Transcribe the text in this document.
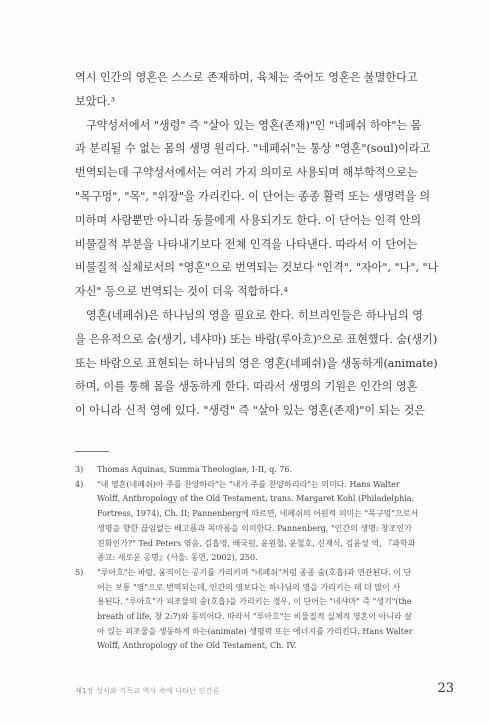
역시 인간의 영혼은 스스로 존재하며, 육체는 죽어도 영혼은 불멸한다고
보았다.³

구약성서에서 "생령" 즉 "살아 있는 영혼(존재)"인 "네페쉬 하야"는 몸
과 분리될 수 없는 몸의 생명 원리다. "네페쉬"는 통상 "영혼"(soul)이라고
번역되는데 구약성서에서는 여러 가지 의미로 사용되며 해부학적으로는
"목구멍", "목", "위장"을 가리킨다. 이 단어는 종종 활력 또는 생명력을 의
미하며 사람뿐만 아니라 동물에게 사용되기도 한다. 이 단어는 인격 안의
비물질적 부분을 나타내기보다 전체 인격을 나타낸다. 따라서 이 단어는
비물질적 실체로서의 "영혼"으로 번역되는 것보다 "인격", "자아", "나", "나
자신" 등으로 번역되는 것이 더욱 적합하다.⁴

영혼(네페쉬)은 하나님의 영을 필요로 한다. 히브리인들은 하나님의 영
을 은유적으로 숨(생기, 네샤마) 또는 바람(루아흐)⁵으로 표현했다. 숨(생기)
또는 바람으로 표현되는 하나님의 영은 영혼(네페쉬)을 생동하게(animate)
하며, 이를 통해 몸을 생동하게 한다. 따라서 생명의 기원은 인간의 영혼
이 아니라 신적 영에 있다. "생령" 즉 "살아 있는 영혼(존재)"이 되는 것은

3) Thomas Aquinas, Summa Theologiae, I-II, q. 76.
4) "내 영혼(네페쉬)아 주를 찬양하라"는 "내가 주를 찬양하리라"는 의미다. Hans Walter
Wolff, Anthropology of the Old Testament, trans. Margaret Kohl (Philadelphia:
Fortress, 1974), Ch. II; Pannenberg에 따르면, 네페쉬의 어원적 의미는 "목구멍"으로서
생명을 향한 끊임없는 배고픔과 목마름을 의미한다. Pannenberg, "인간의 생명: 창조인가
진화인가?" Ted Peters 엮음, 김흡영, 배국원, 윤원철, 윤철호, 신재식, 김윤성 역, 『과학과
종교: 새로운 공명』(서울: 동연, 2002), 250.
5) "루아흐"는 바람, 움직이는 공기를 가리키며 "네페쉬"처럼 종종 숨(호흡)과 연관된다. 이 단
어는 보통 "영"으로 번역되는데, 인간의 영보다는 하나님의 영을 가리키는 데 더 많이 사
용된다. "루아흐"가 피조물의 숨(호흡)을 가리키는 경우, 이 단어는 "네샤마" 즉 "생기"(the
breath of life, 창 2:7)와 동의어다. 따라서 "루아흐"는 비물질적 실체적 영혼이 아니라 살
아 있는 피조물을 생동하게 하는(animate) 생명력 또는 에너지를 가리킨다. Hans Walter
Wolff, Anthropology of the Old Testament, Ch. IV.
제1장 성서와 기독교 역사 속에 나타난 인간론	23
